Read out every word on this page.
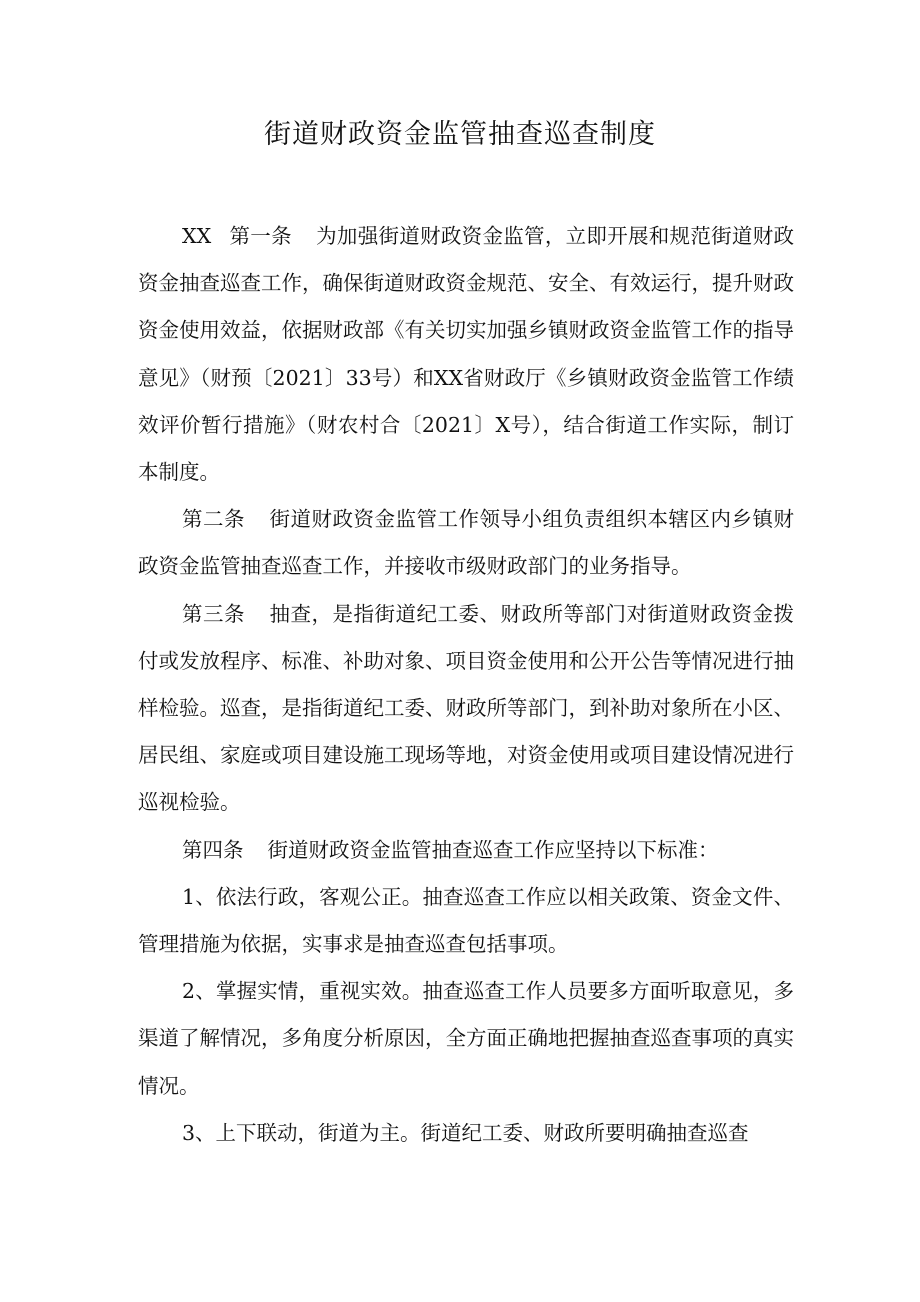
街道财政资金监管抽查巡查制度

XX 第一条 为加强街道财政资金监管，立即开展和规范街道财政资金抽查巡查工作，确保街道财政资金规范、安全、有效运行，提升财政资金使用效益，依据财政部《有关切实加强乡镇财政资金监管工作的指导意见》（财预〔2021〕33号）和XX省财政厅《乡镇财政资金监管工作绩效评价暂行措施》（财农村合〔2021〕X号），结合街道工作实际，制订本制度。

第二条 街道财政资金监管工作领导小组负责组织本辖区内乡镇财政资金监管抽查巡查工作，并接收市级财政部门的业务指导。

第三条 抽查，是指街道纪工委、财政所等部门对街道财政资金拨付或发放程序、标准、补助对象、项目资金使用和公开公告等情况进行抽样检验。巡查，是指街道纪工委、财政所等部门，到补助对象所在小区、居民组、家庭或项目建设施工现场等地，对资金使用或项目建设情况进行巡视检验。

第四条 街道财政资金监管抽查巡查工作应坚持以下标准：

1、依法行政，客观公正。抽查巡查工作应以相关政策、资金文件、管理措施为依据，实事求是抽查巡查包括事项。

2、掌握实情，重视实效。抽查巡查工作人员要多方面听取意见，多渠道了解情况，多角度分析原因，全方面正确地把握抽查巡查事项的真实情况。

3、上下联动，街道为主。街道纪工委、财政所要明确抽查巡查
